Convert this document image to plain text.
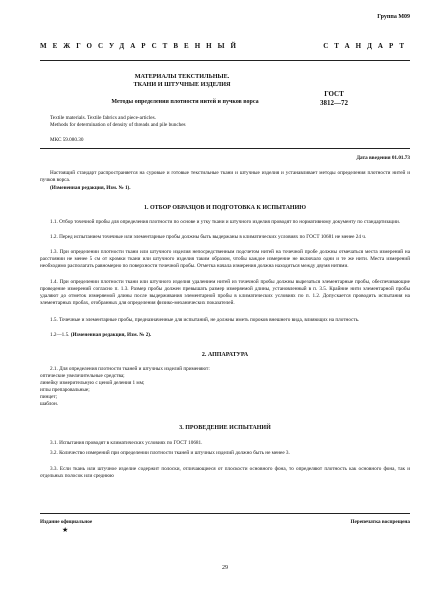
Группа М09
МЕЖГОСУДАРСТВЕННЫЙ СТАНДАРТ
МАТЕРИАЛЫ ТЕКСТИЛЬНЫЕ.
ТКАНИ И ШТУЧНЫЕ ИЗДЕЛИЯ
ГОСТ
3812—72
Методы определения плотности нитей и пучков ворса
Textile materials. Textile fabrics and piece-articles.
Methods for determination of density of threads and pile bunches
МКС 59.080.30
Дата введения 01.01.73
Настоящий стандарт распространяется на суровые и готовые текстильные ткани и штучные изделия и устанавливает методы определения плотности нитей и пучков ворса.
(Измененная редакция, Изм. № 1).
1. ОТБОР ОБРАЗЦОВ И ПОДГОТОВКА К ИСПЫТАНИЮ
1.1. Отбор точечной пробы для определения плотности по основе и утку ткани и штучного изделия проводят по нормативному документу по стандартизации.
1.2. Перед испытанием точечные или элементарные пробы должны быть выдержаны в климатических условиях по ГОСТ 10681 не менее 24 ч.
1.3. При определении плотности ткани или штучного изделия непосредственным подсчетом нитей на точечной пробе должны отмечаться места измерений на расстоянии не менее 5 см от кромки ткани или штучного изделия таким образом, чтобы каждое измерение не включало одни и те же нити. Места измерений необходимо располагать равномерно по поверхности точечной пробы. Отметка начала измерения должна находиться между двумя нитями.
1.4. При определении плотности ткани или штучного изделия удалением нитей из точечной пробы должны вырезаться элементарные пробы, обеспечивающие проведение измерений согласно п. 1.3. Размер пробы должен превышать размер измеряемой длины, установленный в п. 3.5. Крайние нити элементарной пробы удаляют до отметок измеряемой длины после выдерживания элементарной пробы в климатических условиях по п. 1.2. Допускается проводить испытания на элементарных пробах, отобранных для определения физико-механических показателей.
1.5. Точечные и элементарные пробы, предназначенные для испытаний, не должны иметь пороков внешнего вида, влияющих на плотность.
1.2—1.5. (Измененная редакция, Изм. № 2).
2. АППАРАТУРА
2.1. Для определения плотности тканей и штучных изделий применяют:
оптические увеличительные средства;
линейку измерительную с ценой деления 1 мм;
иглы препаровальные;
пинцет;
шаблон.
3. ПРОВЕДЕНИЕ ИСПЫТАНИЙ
3.1. Испытания проводят в климатических условиях по ГОСТ 10681.
3.2. Количество измерений при определении плотности тканей и штучных изделий должно быть не менее 3.
3.3. Если ткань или штучное изделие содержит полоски, отличающиеся от плоскости основного фона, то определяют плотность как основного фона, так и отдельных полосок или среднюю
Издание официальное	Перепечатка воспрещена
★
29
